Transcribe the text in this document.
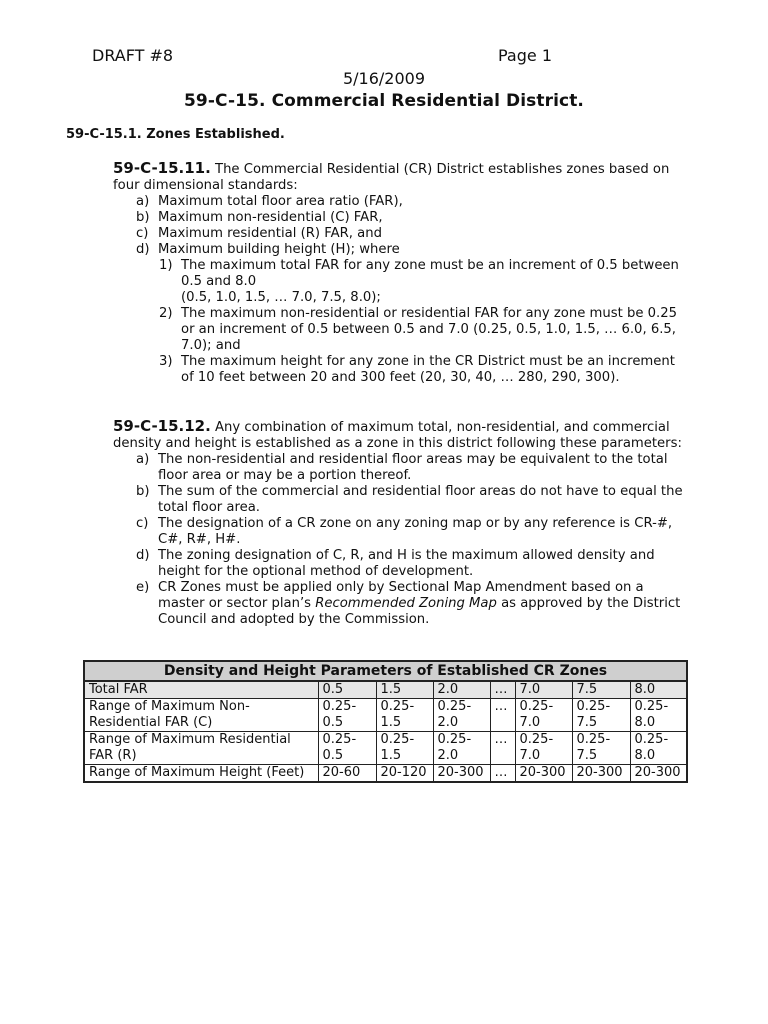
DRAFT #8	Page 1
5/16/2009
59-C-15. Commercial Residential District.
59-C-15.1. Zones Established.
59-C-15.11. The Commercial Residential (CR) District establishes zones based on four dimensional standards:
a) Maximum total floor area ratio (FAR),
b) Maximum non-residential (C) FAR,
c) Maximum residential (R) FAR, and
d) Maximum building height (H); where
1) The maximum total FAR for any zone must be an increment of 0.5 between 0.5 and 8.0
(0.5, 1.0, 1.5, … 7.0, 7.5, 8.0);
2) The maximum non-residential or residential FAR for any zone must be 0.25 or an increment of 0.5 between 0.5 and 7.0 (0.25, 0.5, 1.0, 1.5, … 6.0, 6.5, 7.0); and
3) The maximum height for any zone in the CR District must be an increment of 10 feet between 20 and 300 feet (20, 30, 40, … 280, 290, 300).
59-C-15.12. Any combination of maximum total, non-residential, and commercial density and height is established as a zone in this district following these parameters:
a) The non-residential and residential floor areas may be equivalent to the total floor area or may be a portion thereof.
b) The sum of the commercial and residential floor areas do not have to equal the total floor area.
c) The designation of a CR zone on any zoning map or by any reference is CR-#, C#, R#, H#.
d) The zoning designation of C, R, and H is the maximum allowed density and height for the optional method of development.
e) CR Zones must be applied only by Sectional Map Amendment based on a master or sector plan’s Recommended Zoning Map as approved by the District Council and adopted by the Commission.
Density and Height Parameters of Established CR Zones							
Total FAR	0.5	1.5	2.0	…	7.0	7.5	8.0
Range of Maximum Non-Residential FAR (C)	0.25-0.5	0.25-1.5	0.25-2.0	…	0.25-7.0	0.25-7.5	0.25-8.0
Range of Maximum Residential FAR (R)	0.25-0.5	0.25-1.5	0.25-2.0	…	0.25-7.0	0.25-7.5	0.25-8.0
Range of Maximum Height (Feet)	20-60	20-120	20-300	…	20-300	20-300	20-300
